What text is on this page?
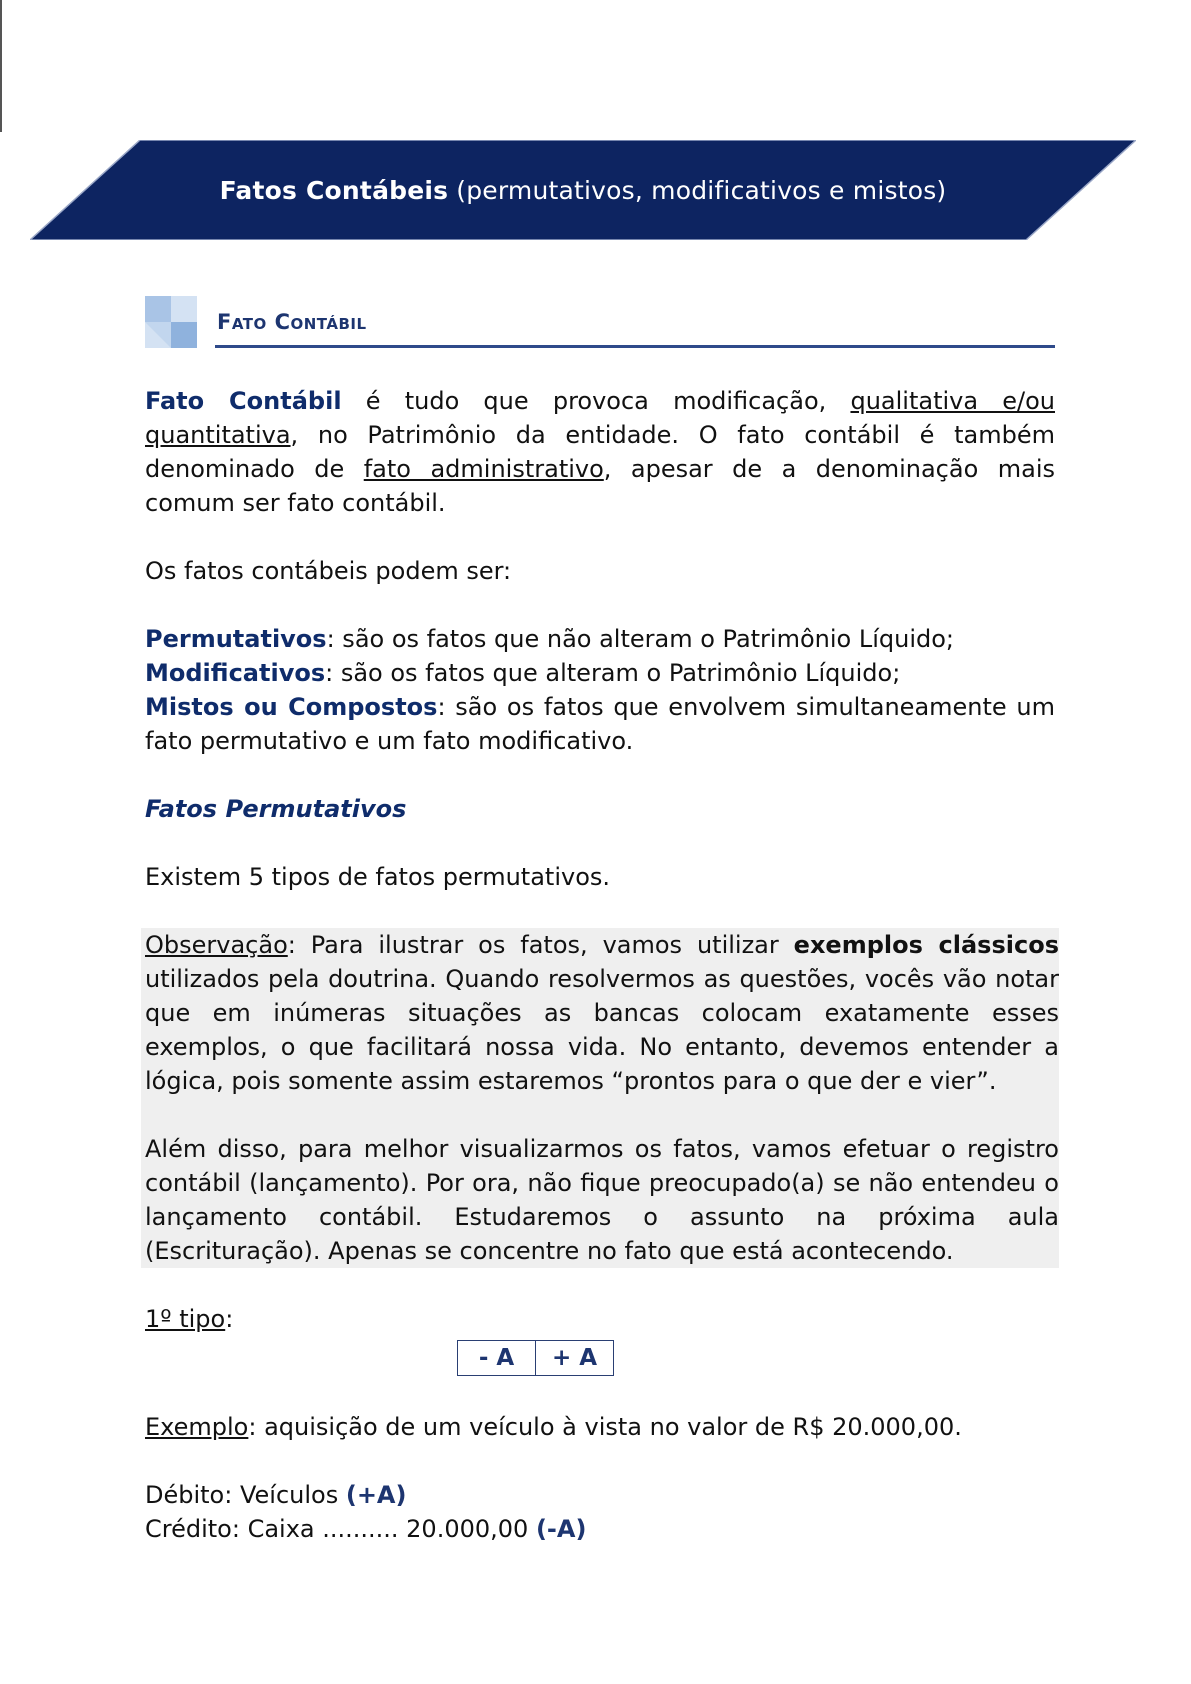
Fatos Contábeis (permutativos, modificativos e mistos)
Fato Contábil

Fato Contábil é tudo que provoca modificação, qualitativa e/ou quantitativa, no Patrimônio da entidade. O fato contábil é também denominado de fato administrativo, apesar de a denominação mais comum ser fato contábil.

Os fatos contábeis podem ser:

Permutativos: são os fatos que não alteram o Patrimônio Líquido;

Modificativos: são os fatos que alteram o Patrimônio Líquido;

Mistos ou Compostos: são os fatos que envolvem simultaneamente um fato permutativo e um fato modificativo.

Fatos Permutativos

Existem 5 tipos de fatos permutativos.

Observação: Para ilustrar os fatos, vamos utilizar exemplos clássicos utilizados pela doutrina. Quando resolvermos as questões, vocês vão notar que em inúmeras situações as bancas colocam exatamente esses exemplos, o que facilitará nossa vida. No entanto, devemos entender a lógica, pois somente assim estaremos “prontos para o que der e vier”.

Além disso, para melhor visualizarmos os fatos, vamos efetuar o registro contábil (lançamento). Por ora, não fique preocupado(a) se não entendeu o lançamento contábil. Estudaremos o assunto na próxima aula (Escrituração). Apenas se concentre no fato que está acontecendo.

1º tipo:

- A	+ A

Exemplo: aquisição de um veículo à vista no valor de R$ 20.000,00.

Débito: Veículos (+A)

Crédito: Caixa .......... 20.000,00 (-A)
